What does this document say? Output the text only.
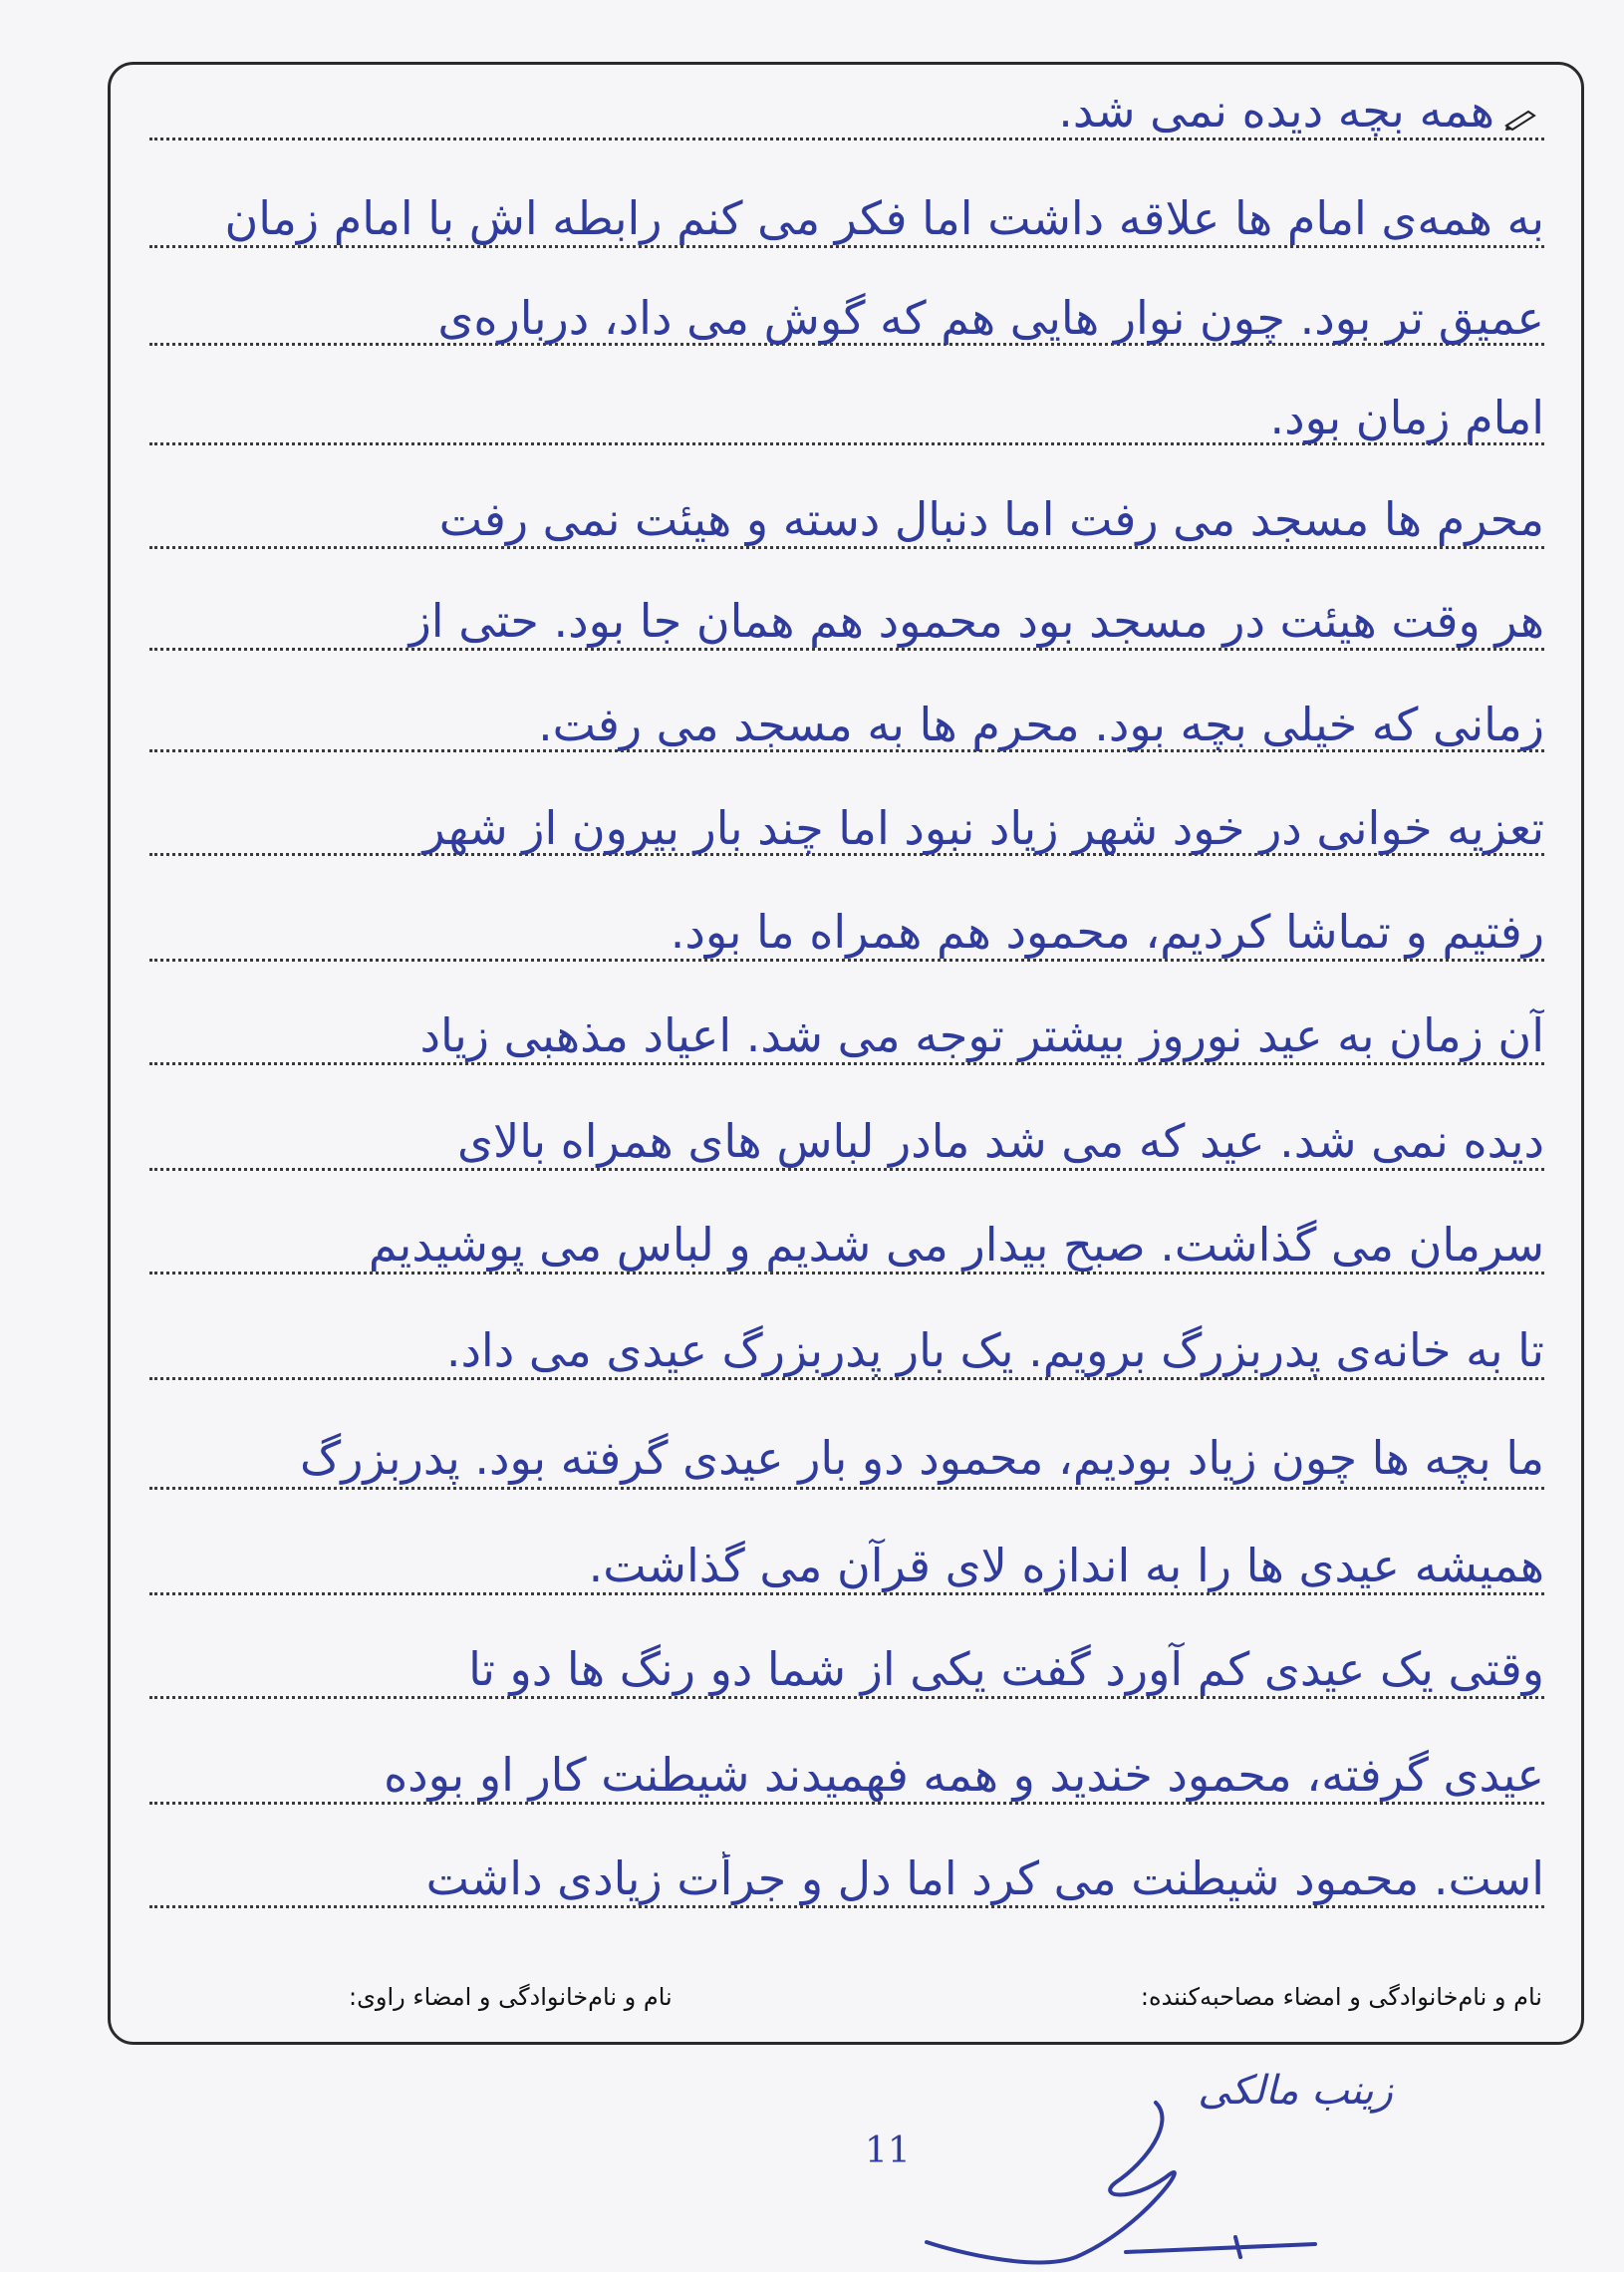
همه بچه دیده نمی شد.
به همه‌ی امام ها علاقه داشت اما فکر می کنم رابطه اش با امام زمان
عمیق تر بود. چون نوار هایی هم که گوش می داد، درباره‌ی
امام زمان بود.
محرم ها مسجد می رفت اما دنبال دسته و هیئت نمی رفت
هر وقت هیئت در مسجد بود محمود هم همان جا بود. حتی از
زمانی که خیلی بچه بود. محرم ها به مسجد می رفت.
تعزیه خوانی در خود شهر زیاد نبود اما چند بار بیرون از شهر
رفتیم و تماشا کردیم، محمود هم همراه ما بود.
آن زمان به عید نوروز بیشتر توجه می شد. اعیاد مذهبی زیاد
دیده نمی شد. عید که می شد مادر لباس های همراه بالای
سرمان می گذاشت. صبح بیدار می شدیم و لباس می پوشیدیم
تا به خانه‌ی پدربزرگ برویم. یک بار پدربزرگ عیدی می داد.
ما بچه ها چون زیاد بودیم، محمود دو بار عیدی گرفته بود. پدربزرگ
همیشه عیدی ها را به اندازه لای قرآن می گذاشت.
وقتی یک عیدی کم آورد گفت یکی از شما دو رنگ ها دو تا
عیدی گرفته، محمود خندید و همه فهمیدند شیطنت کار او بوده
است. محمود شیطنت می کرد اما دل و جرأت زیادی داشت
نام و نام‌خانوادگی و امضاء مصاحبه‌کننده:
نام و نام‌خانوادگی و امضاء راوی:
زینب مالکی
11
